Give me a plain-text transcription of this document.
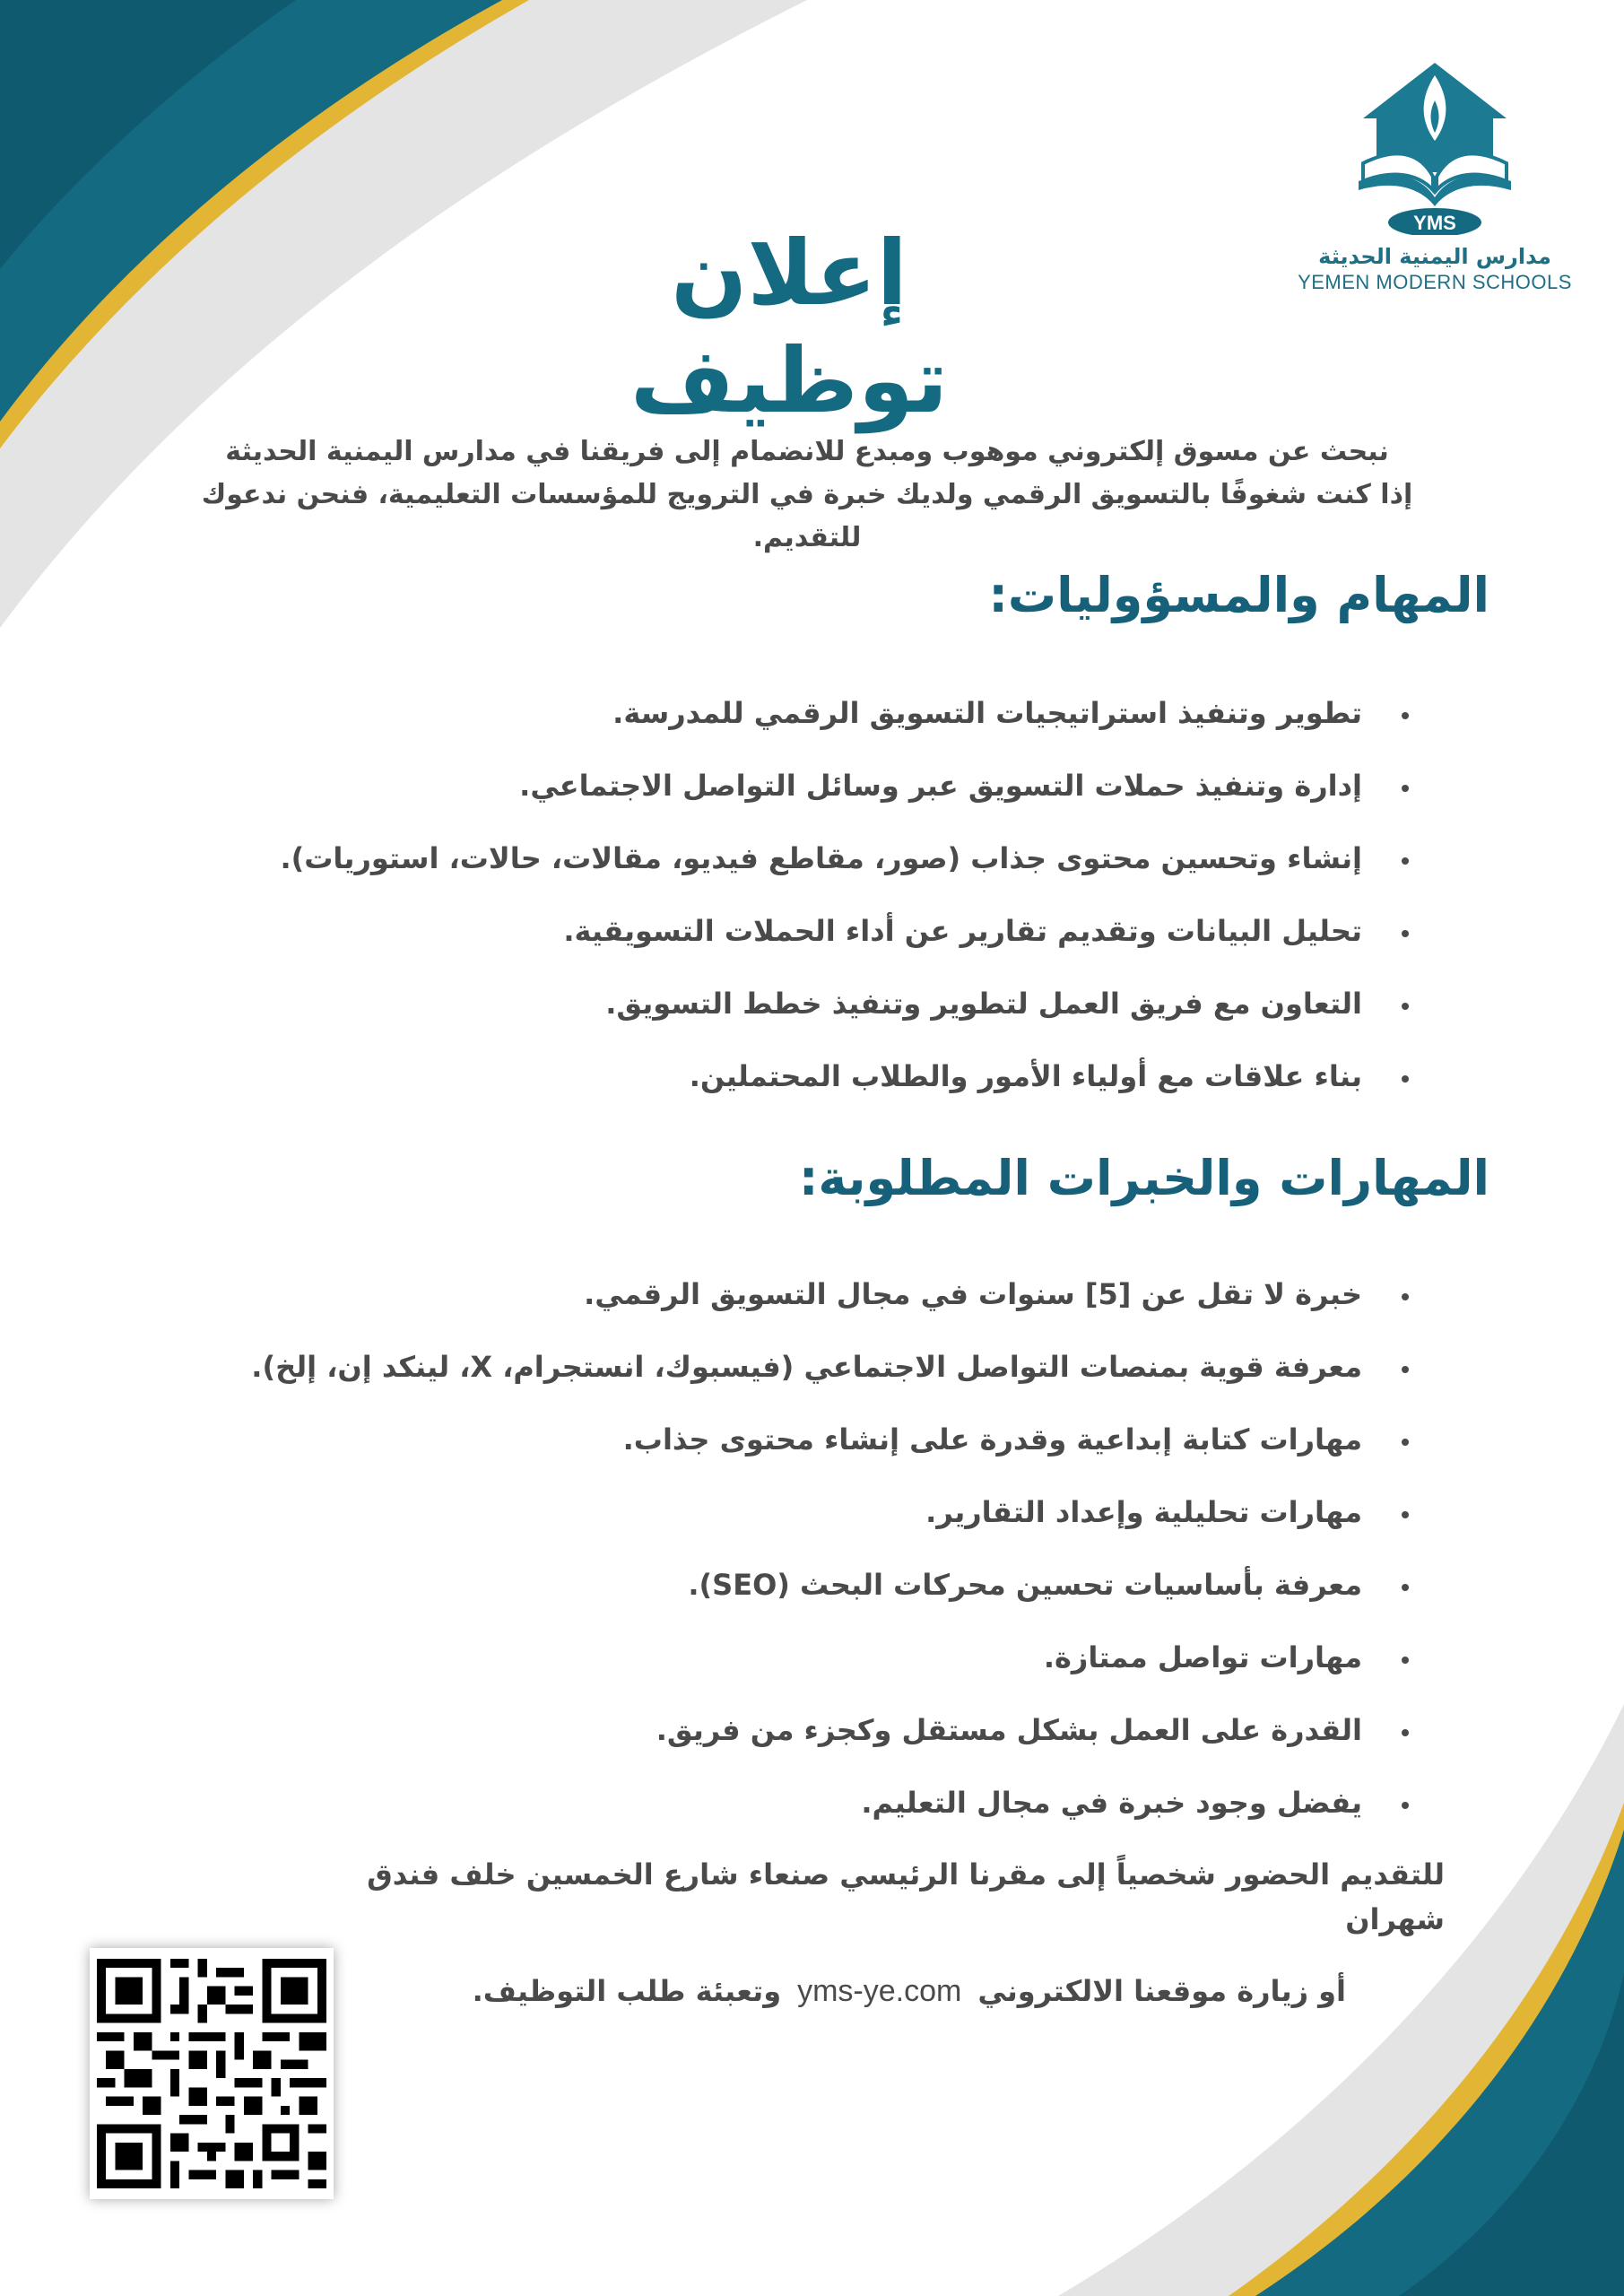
YMS
مدارس اليمنية الحديثة
YEMEN MODERN SCHOOLS
إعلان توظيف

نبحث عن مسوق إلكتروني موهوب ومبدع للانضمام إلى فريقنا في مدارس اليمنية الحديثة

إذا كنت شغوفًا بالتسويق الرقمي ولديك خبرة في الترويج للمؤسسات التعليمية، فنحن ندعوك للتقديم.

المهام والمسؤوليات:
تطوير وتنفيذ استراتيجيات التسويق الرقمي للمدرسة.
إدارة وتنفيذ حملات التسويق عبر وسائل التواصل الاجتماعي.
إنشاء وتحسين محتوى جذاب (صور، مقاطع فيديو، مقالات، حالات، استوريات).
تحليل البيانات وتقديم تقارير عن أداء الحملات التسويقية.
التعاون مع فريق العمل لتطوير وتنفيذ خطط التسويق.
بناء علاقات مع أولياء الأمور والطلاب المحتملين.
المهارات والخبرات المطلوبة:
خبرة لا تقل عن [5] سنوات في مجال التسويق الرقمي.
معرفة قوية بمنصات التواصل الاجتماعي (فيسبوك، انستجرام، X، لينكد إن، إلخ).
مهارات كتابة إبداعية وقدرة على إنشاء محتوى جذاب.
مهارات تحليلية وإعداد التقارير.
معرفة بأساسيات تحسين محركات البحث (SEO).
مهارات تواصل ممتازة.
القدرة على العمل بشكل مستقل وكجزء من فريق.
يفضل وجود خبرة في مجال التعليم.

للتقديم الحضور شخصياً إلى مقرنا الرئيسي صنعاء شارع الخمسين خلف فندق شهران

أو زيارة موقعنا الالكترونيyms-ye.comوتعبئة طلب التوظيف.
